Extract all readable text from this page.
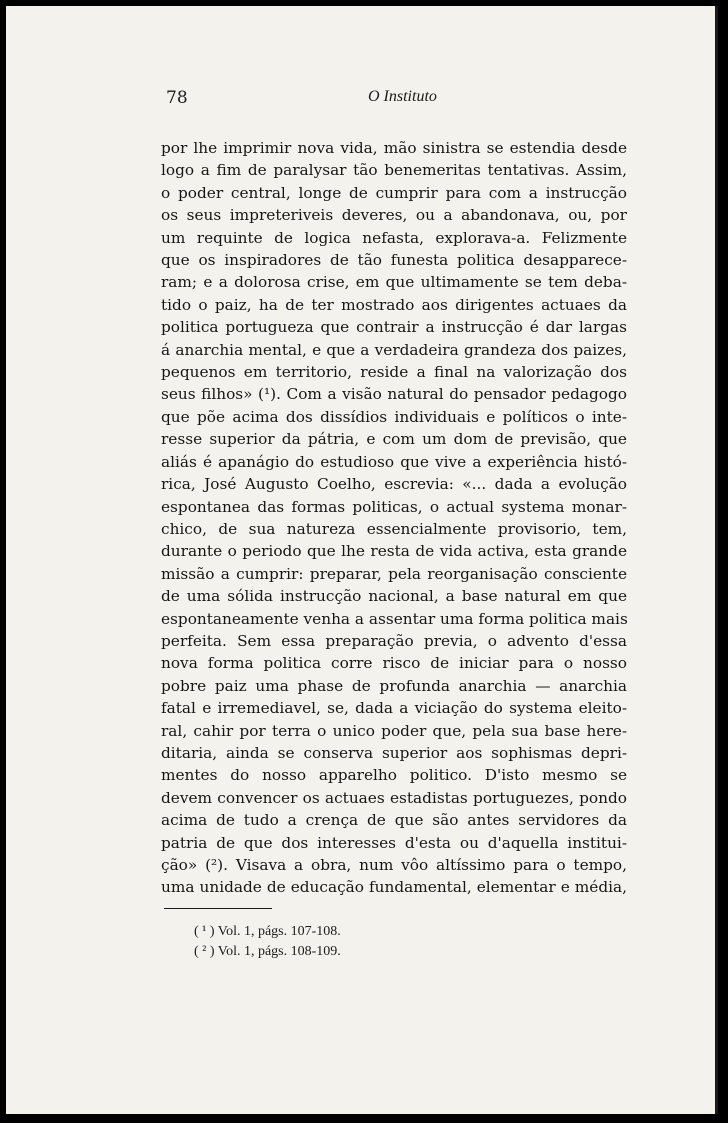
78	O Instituto
por lhe imprimir nova vida, mão sinistra se estendia desde
logo a fim de paralysar tão benemeritas tentativas. Assim,
o poder central, longe de cumprir para com a instrucção
os seus impreteriveis deveres, ou a abandonava, ou, por
um requinte de logica nefasta, explorava-a. Felizmente
que os inspiradores de tão funesta politica desapparece-
ram; e a dolorosa crise, em que ultimamente se tem deba-
tido o paiz, ha de ter mostrado aos dirigentes actuaes da
politica portugueza que contrair a instrucção é dar largas
á anarchia mental, e que a verdadeira grandeza dos paizes,
pequenos em territorio, reside a final na valorização dos
seus filhos» (¹). Com a visão natural do pensador pedagogo
que põe acima dos dissídios individuais e políticos o inte-
resse superior da pátria, e com um dom de previsão, que
aliás é apanágio do estudioso que vive a experiência histó-
rica, José Augusto Coelho, escrevia: «... dada a evolução
espontanea das formas politicas, o actual systema monar-
chico, de sua natureza essencialmente provisorio, tem,
durante o periodo que lhe resta de vida activa, esta grande
missão a cumprir: preparar, pela reorganisação consciente
de uma sólida instrucção nacional, a base natural em que
espontaneamente venha a assentar uma forma politica mais
perfeita. Sem essa preparação previa, o advento d'essa
nova forma politica corre risco de iniciar para o nosso
pobre paiz uma phase de profunda anarchia — anarchia
fatal e irremediavel, se, dada a viciação do systema eleito-
ral, cahir por terra o unico poder que, pela sua base here-
ditaria, ainda se conserva superior aos sophismas depri-
mentes do nosso apparelho politico. D'isto mesmo se
devem convencer os actuaes estadistas portuguezes, pondo
acima de tudo a crença de que são antes servidores da
patria de que dos interesses d'esta ou d'aquella institui-
ção» (²). Visava a obra, num vôo altíssimo para o tempo,
uma unidade de educação fundamental, elementar e média,
( ¹ ) Vol. 1, págs. 107-108.
( ² ) Vol. 1, págs. 108-109.
